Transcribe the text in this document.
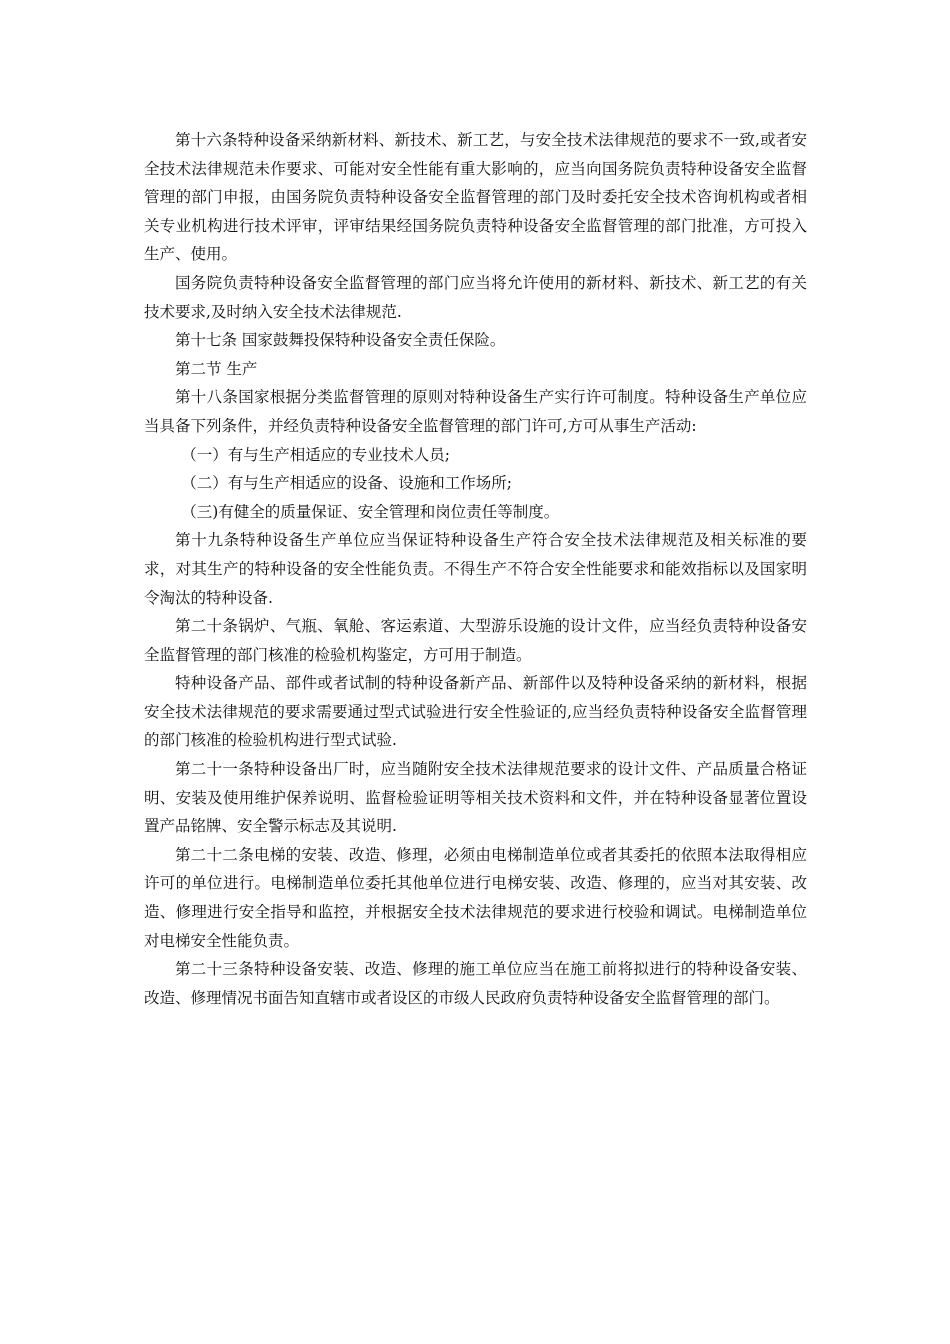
第十六条特种设备采纳新材料、新技术、新工艺，与安全技术法律规范的要求不一致,或者安全技术法律规范未作要求、可能对安全性能有重大影响的，应当向国务院负责特种设备安全监督管理的部门申报，由国务院负责特种设备安全监督管理的部门及时委托安全技术咨询机构或者相关专业机构进行技术评审，评审结果经国务院负责特种设备安全监督管理的部门批准，方可投入生产、使用。

国务院负责特种设备安全监督管理的部门应当将允许使用的新材料、新技术、新工艺的有关技术要求,及时纳入安全技术法律规范.

第十七条 国家鼓舞投保特种设备安全责任保险。

第二节 生产

第十八条国家根据分类监督管理的原则对特种设备生产实行许可制度。特种设备生产单位应当具备下列条件，并经负责特种设备安全监督管理的部门许可,方可从事生产活动:

（一）有与生产相适应的专业技术人员;

（二）有与生产相适应的设备、设施和工作场所;

（三)有健全的质量保证、安全管理和岗位责任等制度。

第十九条特种设备生产单位应当保证特种设备生产符合安全技术法律规范及相关标准的要求，对其生产的特种设备的安全性能负责。不得生产不符合安全性能要求和能效指标以及国家明令淘汰的特种设备.

第二十条锅炉、气瓶、氧舱、客运索道、大型游乐设施的设计文件，应当经负责特种设备安全监督管理的部门核准的检验机构鉴定，方可用于制造。

特种设备产品、部件或者试制的特种设备新产品、新部件以及特种设备采纳的新材料，根据安全技术法律规范的要求需要通过型式试验进行安全性验证的,应当经负责特种设备安全监督管理的部门核准的检验机构进行型式试验.

第二十一条特种设备出厂时，应当随附安全技术法律规范要求的设计文件、产品质量合格证明、安装及使用维护保养说明、监督检验证明等相关技术资料和文件，并在特种设备显著位置设置产品铭牌、安全警示标志及其说明.

第二十二条电梯的安装、改造、修理，必须由电梯制造单位或者其委托的依照本法取得相应许可的单位进行。电梯制造单位委托其他单位进行电梯安装、改造、修理的，应当对其安装、改造、修理进行安全指导和监控，并根据安全技术法律规范的要求进行校验和调试。电梯制造单位对电梯安全性能负责。

第二十三条特种设备安装、改造、修理的施工单位应当在施工前将拟进行的特种设备安装、改造、修理情况书面告知直辖市或者设区的市级人民政府负责特种设备安全监督管理的部门。
